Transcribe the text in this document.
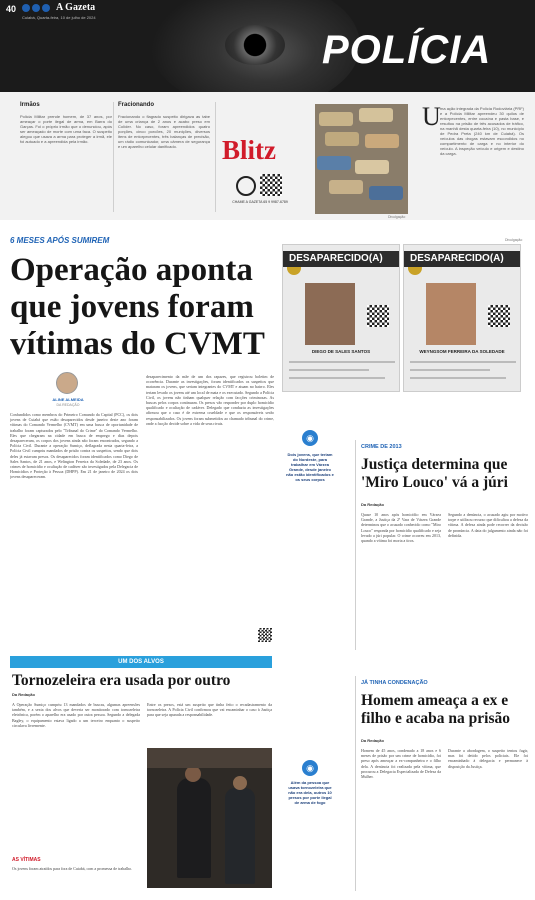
40	A Gazeta
Cuiabá, Quarta-feira, 10 de julho de 2024
POLÍCIA
Irmãos
Policia Militar prende homem, de 37 anos, por ameaçar o porte ilegal de arma, em Barra do Garças. Foi o próprio irmão que o denunciou, após ser ameaçado de morte com uma faca. O suspeito alegou que usava a arma para proteger a irmã, ele foi autuado e a apreendida pela irmão.
Fracionando
Fracionando o flagrado suspeito dirigava as tabe de uma criança de 2 anos e acabo preso em Colíder. No caso, foram apreendidos quatro porções, cinco porcões, 20 munições, diversos itens de entorpecentes, três balanças de precisão, um rádio comunicador, uma câmera de segurança e um aparelho celular danificado.	Blitz
CHAME A GAZETA 65 9 9987-6789
Divulgação
U ma ação integrada da Polícia Rodoviária (PRF) e a Polícia Militar apreendeu 30 quilos de entorpecentes, entre cocaína e pasta base, e resultou na prisão de três acusados de tráfico, na manhã desta quarta-feira (10), no município de Pedra Preta (240 km de Cuiabá). Os veículos das drogas estavam escondidos no compartimento de carga e no interior do veículo. A inspeção veículo e origem e destino da carga.
6 MESES APÓS SUMIREM
Operação aponta que jovens foram vítimas do CVMT
ALINE ALMEIDA
DA REDAÇÃO
Confundidos como membros do Primeiro Comando da Capital (PCC), os dois jovens de Cuiabá que estão desaparecidos desde janeiro deste ano foram vítimas do Comando Vermelho (CVMT) em uma busca de oportunidade de trabalho foram capturados pelo "Tribunal do Crime" do Comando Vermelho. Eles que chegaram na cidade em busca de emprego e dias depois desapareceram, os corpos dos jovens ainda não foram encontrados, segundo a Polícia Civil. Durante a operação Sumiço, deflagrada nesta quarta-feira, a Polícia Civil cumpriu mandados de prisão contra os suspeitos, sendo que dois deles já estavam presos. Os desaparecidos foram identificados como Diego de Sales Santos, de 21 anos, e Welington Ferreira da Soledade, de 23 anos. Os crimes de homicídio e ocultação de cadáver são investigados pela Delegacia de Homicídios e Proteção à Pessoa (DHPP). Em 21 de janeiro de 2024 os dois jovens desapareceram.
desaparecimento da mãe de um dos rapazes, que registrou boletim de ocorrência. Durante as investigações, foram identificados os suspeitos que mataram os jovens, que seriam integrantes do CVMT e atuam no bairro. Eles teriam levado os jovens até um local de mata e os executado. Segundo a Polícia Civil, os jovens não tinham qualquer relação com facções criminosas. As buscas pelos corpos continuam. Os presos vão responder por duplo homicídio qualificado e ocultação de cadáver. Delegado que conduziu as investigações afirmou que o caso é de extrema crueldade e que os responsáveis serão responsabilizados. Os jovens foram submetidos ao chamado tribunal do crime, onde a facção decide sobre a vida de seus rivais.
DESAPARECIDO(A)
DIEGO DE SALES SANTOS
DESAPARECIDO(A)
WEYNGSOM FERREIRA DA SOLEDADE
Divulgação
◉
Dois jovens, que teriam do Nordeste, para trabalhar em Várzea Grande, desde janeiro não estão identificados e os seus corpos
CRIME DE 2013
Justiça determina que 'Miro Louco' vá a júri
Da Redação
Quase 10 anos após homicídio em Várzea Grande, a Justiça da 2ª Vara de Várzea Grande determinou que o acusado conhecido como "Miro Louco" responda por homicídio qualificado e seja levado a júri popular. O crime ocorreu em 2013, quando a vítima foi morta a tiros.
Segundo a denúncia, o acusado agiu por motivo torpe e utilizou recurso que dificultou a defesa da vítima. A defesa ainda pode recorrer da decisão de pronúncia. A data do julgamento ainda não foi definida.
UM DOS ALVOS
Tornozeleira era usada por outro
Da Redação
A Operação Sumiço cumpriu 13 mandados de buscas, algumas apreensões também, e a sexta dos alvos que deveria ser monitorado com tornozeleira eletrônica, porém o aparelho era usado por outra pessoa. Segundo a delegada Bagley, o equipamento estava ligado a um terceiro enquanto o suspeito circulava livremente.
Entre os presos, está um suspeito que tinha feito o recadastramento da tornozeleira. A Polícia Civil confirmou que vai encaminhar o caso à Justiça para que seja apurada a responsabilidade.
AS VÍTIMAS
Os jovens foram atraídos para fora de Cuiabá, com a promessa de trabalho.
◉
Além da pessoa que usava tornozeleira que não era dela, outros 10 presos por porte ilegal de arma de fogo
JÁ TINHA CONDENAÇÃO
Homem ameaça a ex e filho e acaba na prisão
Da Redação
Homem de 45 anos, condenado a 18 anos e 6 meses de prisão por um crime de homicídio, foi preso após ameaçar a ex-companheira e o filho dela. A denúncia foi realizada pela vítima, que procurou a Delegacia Especializada de Defesa da Mulher.
Durante a abordagem, o suspeito tentou fugir, mas foi detido pelos policiais. Ele foi encaminhado à delegacia e permanece à disposição da Justiça.
